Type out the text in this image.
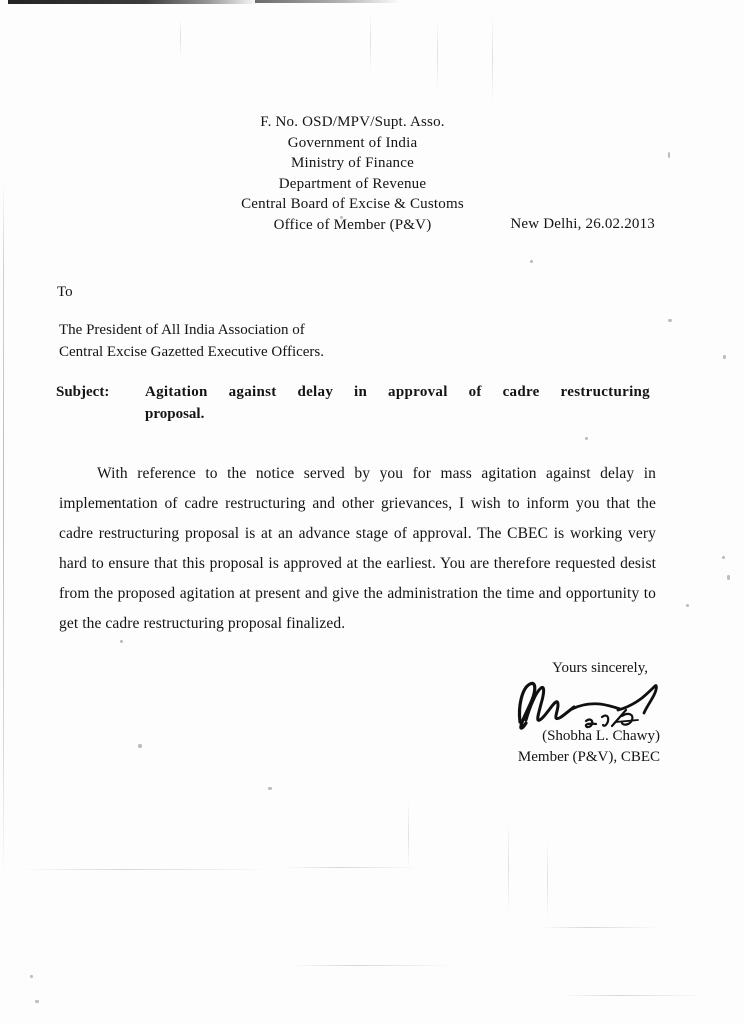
F. No. OSD/MPV/Supt. Asso.
Government of India
Ministry of Finance
Department of Revenue
Central Board of Excise & Customs
Office of Member (P&V)	New Delhi, 26.02.2013
To
The President of All India Association of
Central Excise Gazetted Executive Officers.
Subject: Agitation against delay in approval of cadre restructuring
proposal.
With reference to the notice served by you for mass agitation against delay in implementation of cadre restructuring and other grievances, I wish to inform you that the cadre restructuring proposal is at an advance stage of approval. The CBEC is working very hard to ensure that this proposal is approved at the earliest. You are therefore requested desist from the proposed agitation at present and give the administration the time and opportunity to get the cadre restructuring proposal finalized.
Yours sincerely,
(Shobha L. Chawy)
Member (P&V), CBEC
